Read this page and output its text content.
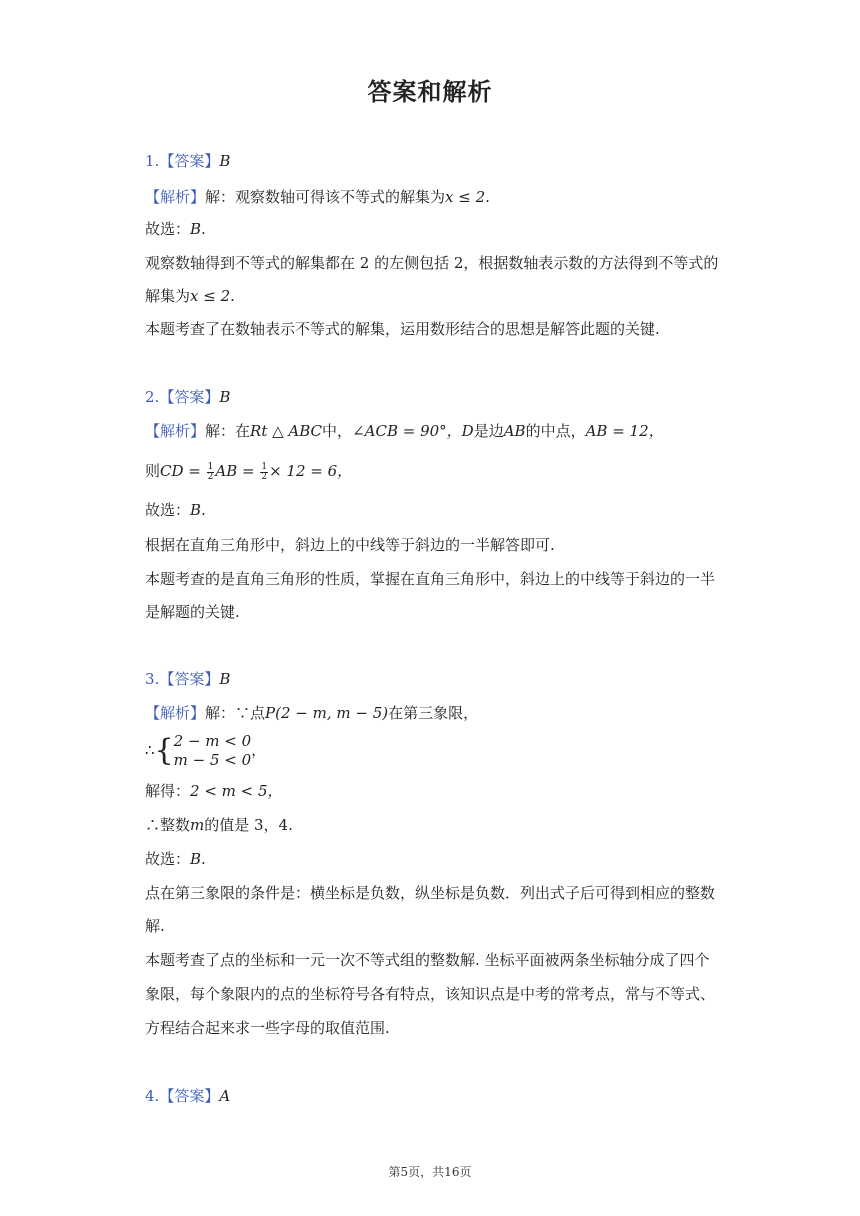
答案和解析
1.【答案】B
【解析】解：观察数轴可得该不等式的解集为x ≤ 2.
故选：B.
观察数轴得到不等式的解集都在 2 的左侧包括 2，根据数轴表示数的方法得到不等式的
解集为x ≤ 2.
本题考查了在数轴表示不等式的解集，运用数形结合的思想是解答此题的关键.
2.【答案】B
【解析】解：在Rt △ ABC中，∠ACB = 90°，D是边AB的中点，AB = 12，
则CD = $\frac{1}{2}$ AB = $\frac{1}{2} \times 12 = 6$，
故选：B.
根据在直角三角形中，斜边上的中线等于斜边的一半解答即可.
本题考查的是直角三角形的性质，掌握在直角三角形中，斜边上的中线等于斜边的一半
是解题的关键.
3.【答案】B
【解析】解：∵点P(2 − m, m − 5)在第三象限，
∴{ 2 − m < 0
m − 5 < 0
，
解得：2 < m < 5，
∴整数m的值是 3，4.
故选：B.
点在第三象限的条件是：横坐标是负数，纵坐标是负数．列出式子后可得到相应的整数
解.
本题考查了点的坐标和一元一次不等式组的整数解. 坐标平面被两条坐标轴分成了四个
象限，每个象限内的点的坐标符号各有特点，该知识点是中考的常考点，常与不等式、
方程结合起来求一些字母的取值范围.
4.【答案】A
第5页，共16页
